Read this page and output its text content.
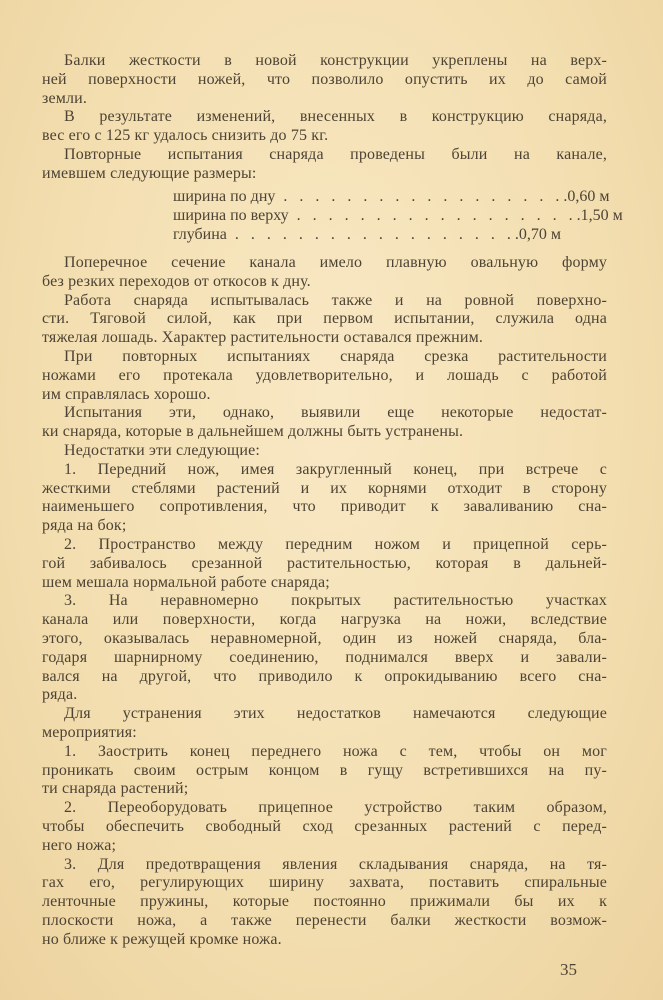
35
Балки жесткости в новой конструкции укреплены на верх-
ней поверхности ножей, что позволило опустить их до самой
земли.
В результате изменений, внесенных в конструкцию снаряда,
вес его с 125 кг удалось снизить до 75 кг.
Повторные испытания снаряда проведены были на канале,
имевшем следующие размеры:
ширина по дну . . . . . . . . . . . . . . . . . . .0,60 м
ширина по верху . . . . . . . . . . . . . . . . . . .1,50 м
глубина . . . . . . . . . . . . . . . . . . .0,70 м
Поперечное сечение канала имело плавную овальную форму
без резких переходов от откосов к дну.
Работа снаряда испытывалась также и на ровной поверхно-
сти. Тяговой силой, как при первом испытании, служила одна
тяжелая лошадь. Характер растительности оставался прежним.
При повторных испытаниях снаряда срезка растительности
ножами его протекала удовлетворительно, и лошадь с работой
им справлялась хорошо.
Испытания эти, однако, выявили еще некоторые недостат-
ки снаряда, которые в дальнейшем должны быть устранены.
Недостатки эти следующие:
1. Передний нож, имея закругленный конец, при встрече с
жесткими стеблями растений и их корнями отходит в сторону
наименьшего сопротивления, что приводит к заваливанию сна-
ряда на бок;
2. Пространство между передним ножом и прицепной серь-
гой забивалось срезанной растительностью, которая в дальней-
шем мешала нормальной работе снаряда;
3. На неравномерно покрытых растительностью участках
канала или поверхности, когда нагрузка на ножи, вследствие
этого, оказывалась неравномерной, один из ножей снаряда, бла-
годаря шарнирному соединению, поднимался вверх и завали-
вался на другой, что приводило к опрокидыванию всего сна-
ряда.
Для устранения этих недостатков намечаются следующие
мероприятия:
1. Заострить конец переднего ножа с тем, чтобы он мог
проникать своим острым концом в гущу встретившихся на пу-
ти снаряда растений;
2. Переоборудовать прицепное устройство таким образом,
чтобы обеспечить свободный сход срезанных растений с перед-
него ножа;
3. Для предотвращения явления складывания снаряда, на тя-
гах его, регулирующих ширину захвата, поставить спиральные
ленточные пружины, которые постоянно прижимали бы их к
плоскости ножа, а также перенести балки жесткости возмож-
но ближе к режущей кромке ножа.
